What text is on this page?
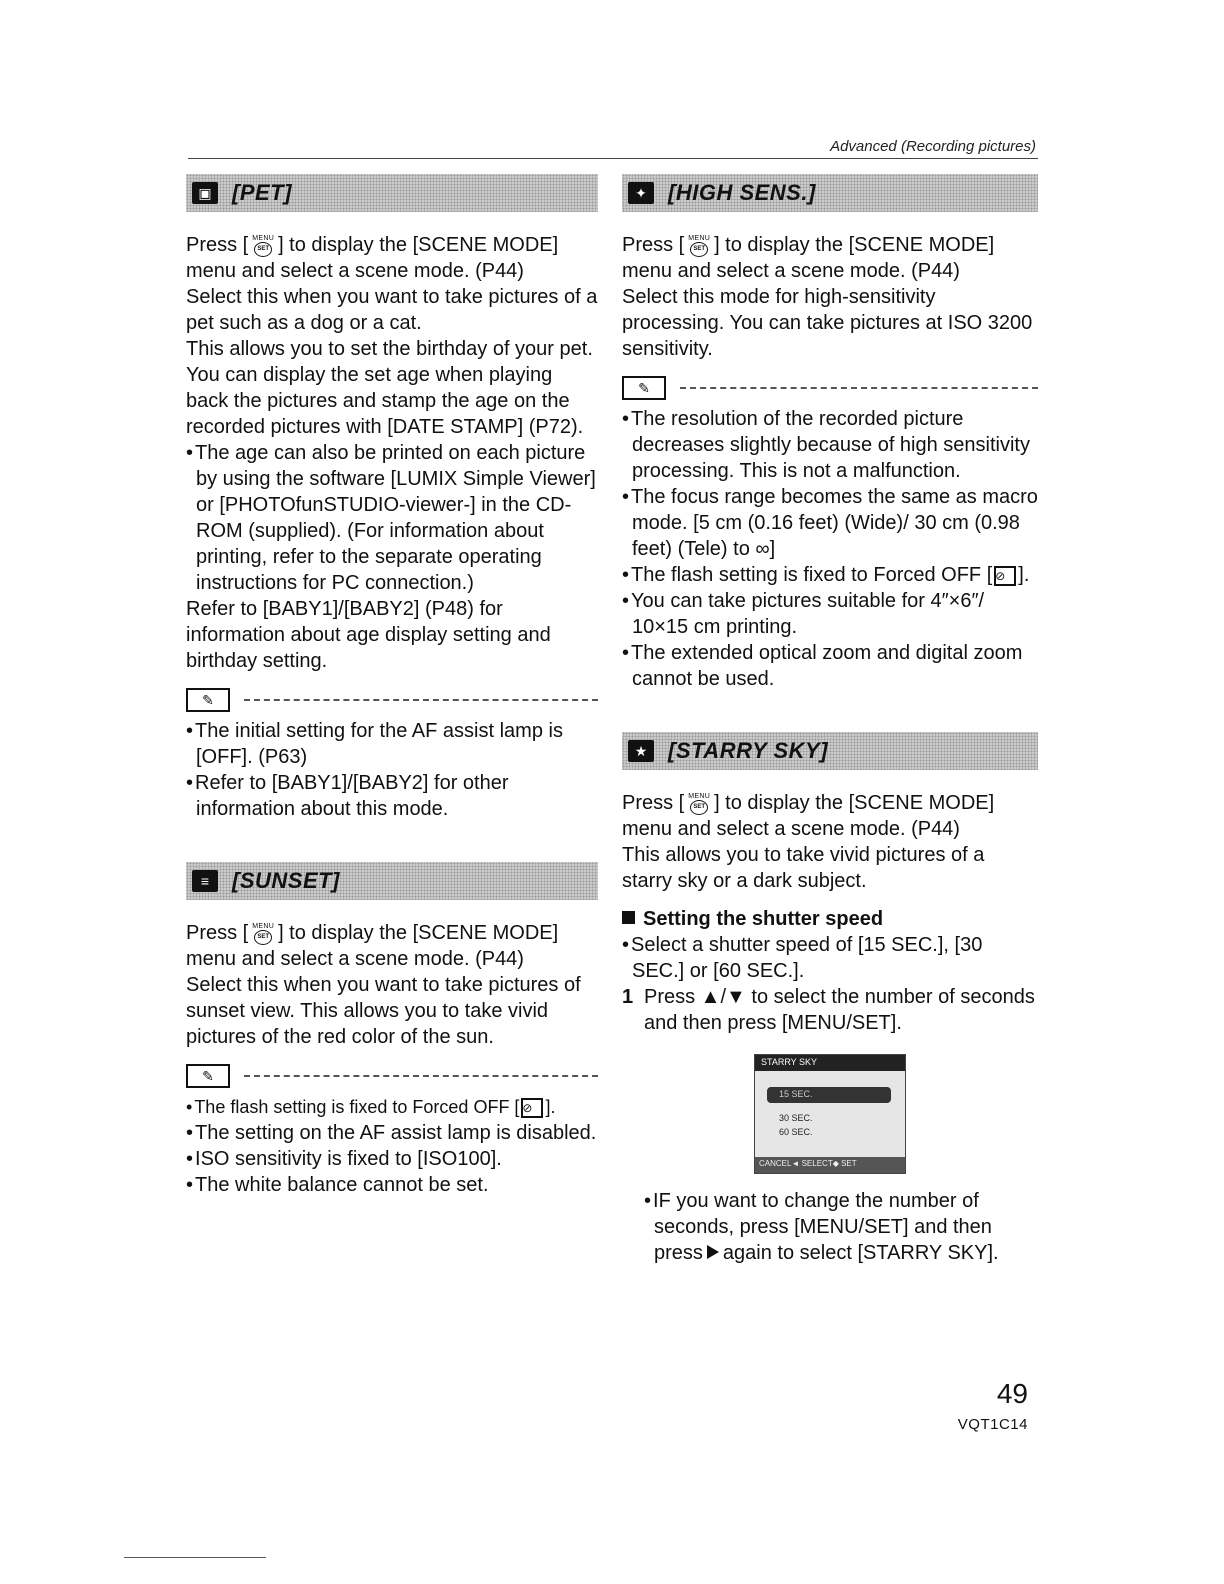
Advanced (Recording pictures)
▣ [PET]

Press [ MENU
SET ] to display the [SCENE MODE] menu and select a scene mode. (P44)

Select this when you want to take pictures of a pet such as a dog or a cat.

This allows you to set the birthday of your pet.

You can display the set age when playing back the pictures and stamp the age on the recorded pictures with [DATE STAMP] (P72).

• The age can also be printed on each picture by using the software [LUMIX Simple Viewer] or [PHOTOfunSTUDIO-viewer-] in the CD-ROM (supplied). (For information about printing, refer to the separate operating instructions for PC connection.)

Refer to [BABY1]/[BABY2] (P48) for information about age display setting and birthday setting.

✎
• The initial setting for the AF assist lamp is [OFF]. (P63)
• Refer to [BABY1]/[BABY2] for other information about this mode.
≡	[SUNSET]

Press [ MENU
SET ] to display the [SCENE MODE] menu and select a scene mode. (P44)

Select this when you want to take pictures of sunset view. This allows you to take vivid pictures of the red color of the sun.

✎
• The flash setting is fixed to Forced OFF [ ⊘ ].
• The setting on the AF assist lamp is disabled.
• ISO sensitivity is fixed to [ISO100].
• The white balance cannot be set.
✦ [HIGH SENS.]

Press [ MENU
SET ] to display the [SCENE MODE] menu and select a scene mode. (P44)

Select this mode for high-sensitivity processing. You can take pictures at ISO 3200 sensitivity.

✎
• The resolution of the recorded picture decreases slightly because of high sensitivity processing. This is not a malfunction.
• The focus range becomes the same as macro mode. [5 cm (0.16 feet) (Wide)/ 30 cm (0.98 feet) (Tele) to ∞]
• The flash setting is fixed to Forced OFF [ ⊘ ].
• You can take pictures suitable for 4″×6″/ 10×15 cm printing.
• The extended optical zoom and digital zoom cannot be used.
★ [STARRY SKY]

Press [ MENU
SET ] to display the [SCENE MODE] menu and select a scene mode. (P44)

This allows you to take vivid pictures of a starry sky or a dark subject.

Setting the shutter speed
• Select a shutter speed of [15 SEC.], [30 SEC.] or [60 SEC.].
1 Press ▲/▼ to select the number of seconds and then press [MENU/SET].
STARRY SKY
15 SEC.
30 SEC.
60 SEC.
CANCEL◄ SELECT◆ SET
• IF you want to change the number of seconds, press [MENU/SET] and then press again to select [STARRY SKY].
49
VQT1C14
